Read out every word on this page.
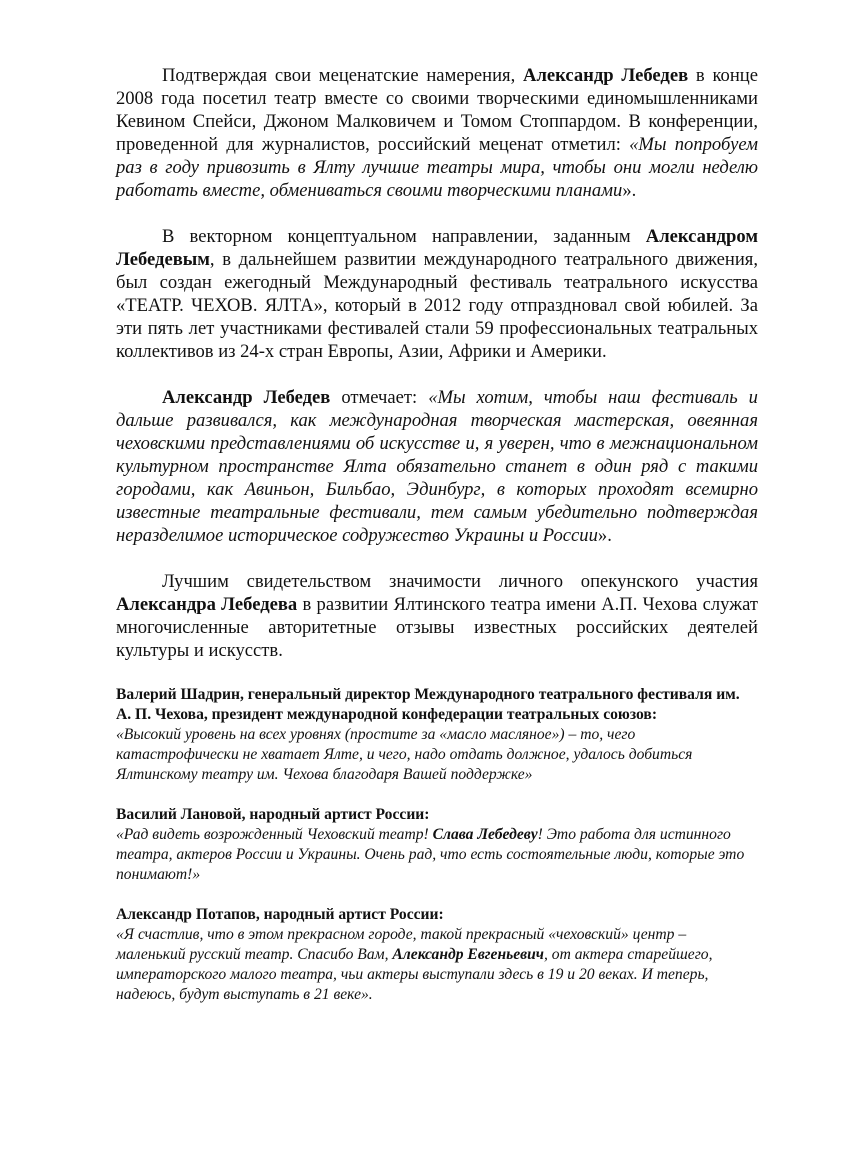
Подтверждая свои меценатские намерения, Александр Лебедев в конце 2008 года посетил театр вместе со своими творческими единомышленниками Кевином Спейси, Джоном Малковичем и Томом Стоппардом. В конференции, проведенной для журналистов, российский меценат отметил: «Мы попробуем раз в году привозить в Ялту лучшие театры мира, чтобы они могли неделю работать вместе, обмениваться своими творческими планами».

В векторном концептуальном направлении, заданным Александром Лебедевым, в дальнейшем развитии международного театрального движения, был создан ежегодный Международный фестиваль театрального искусства «ТЕАТР. ЧЕХОВ. ЯЛТА», который в 2012 году отпраздновал свой юбилей. За эти пять лет участниками фестивалей стали 59 профессиональных театральных коллективов из 24-х стран Европы, Азии, Африки и Америки.

Александр Лебедев отмечает: «Мы хотим, чтобы наш фестиваль и дальше развивался, как международная творческая мастерская, овеянная чеховскими представлениями об искусстве и, я уверен, что в межнациональном культурном пространстве Ялта обязательно станет в один ряд с такими городами, как Авиньон, Бильбао, Эдинбург, в которых проходят всемирно известные театральные фестивали, тем самым убедительно подтверждая неразделимое историческое содружество Украины и России».

Лучшим свидетельством значимости личного опекунского участия Александра Лебедева в развитии Ялтинского театра имени А.П. Чехова служат многочисленные авторитетные отзывы известных российских деятелей культуры и искусств.

Валерий Шадрин, генеральный директор Международного театрального фестиваля им. А. П. Чехова, президент международной конфедерации театральных союзов:

«Высокий уровень на всех уровнях (простите за «масло масляное») – то, чего катастрофически не хватает Ялте, и чего, надо отдать должное, удалось добиться Ялтинскому театру им. Чехова благодаря Вашей поддержке»

Василий Лановой, народный артист России:

«Рад видеть возрожденный Чеховский театр! Слава Лебедеву! Это работа для истинного театра, актеров России и Украины. Очень рад, что есть состоятельные люди, которые это понимают!»

Александр Потапов, народный артист России:

«Я счастлив, что в этом прекрасном городе, такой прекрасный «чеховский» центр – маленький русский театр. Спасибо Вам, Александр Евгеньевич, от актера старейшего, императорского малого театра, чьи актеры выступали здесь в 19 и 20 веках. И теперь, надеюсь, будут выступать в 21 веке».
